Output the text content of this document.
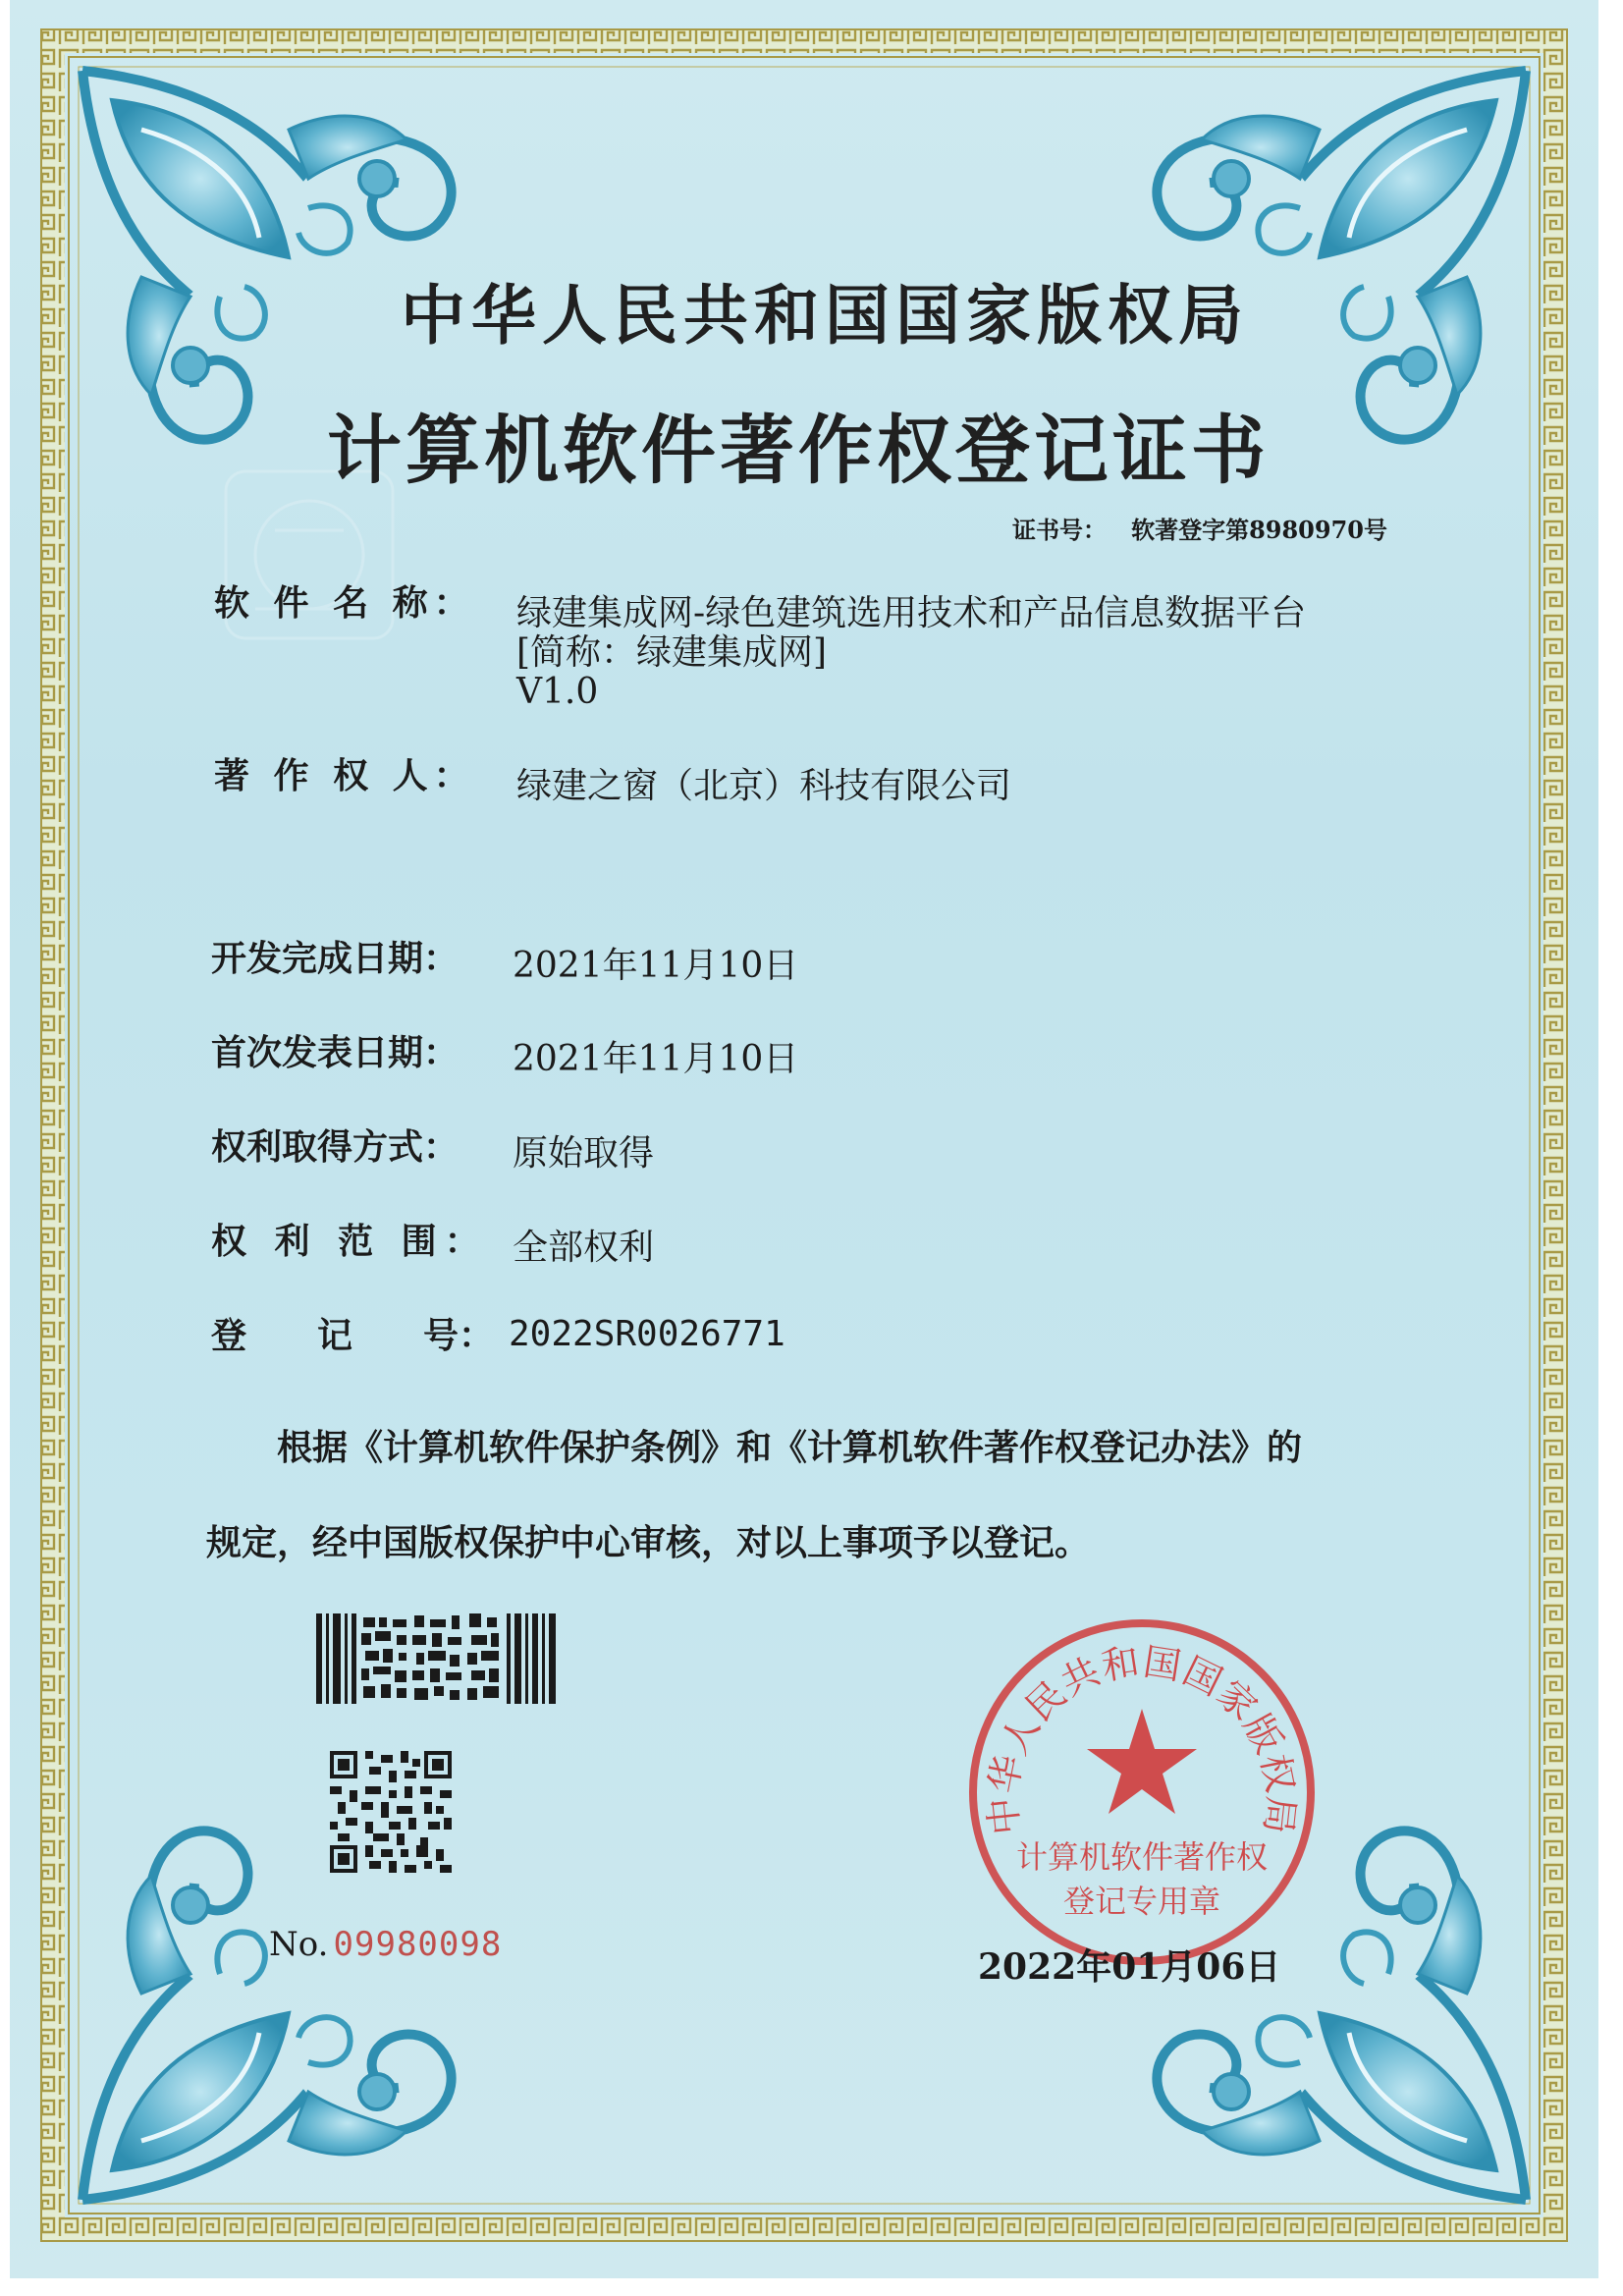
中华人民共和国国家版权局
计算机软件著作权登记证书
证书号： 软著登字第8980970号
软 件 名 称： 绿建集成网-绿色建筑选用技术和产品信息数据平台
[简称：绿建集成网]
V1.0
著 作 权 人： 绿建之窗（北京）科技有限公司
开发完成日期： 2021年11月10日
首次发表日期： 2021年11月10日
权利取得方式： 原始取得
权 利 范 围： 全部权利
登　　记　　号： 2022SR0026771
根据《计算机软件保护条例》和《计算机软件著作权登记办法》的
规定，经中国版权保护中心审核，对以上事项予以登记。
No. 09980098
中华人民共和国国家版权局
计算机软件著作权
登记专用章
2022年01月06日
